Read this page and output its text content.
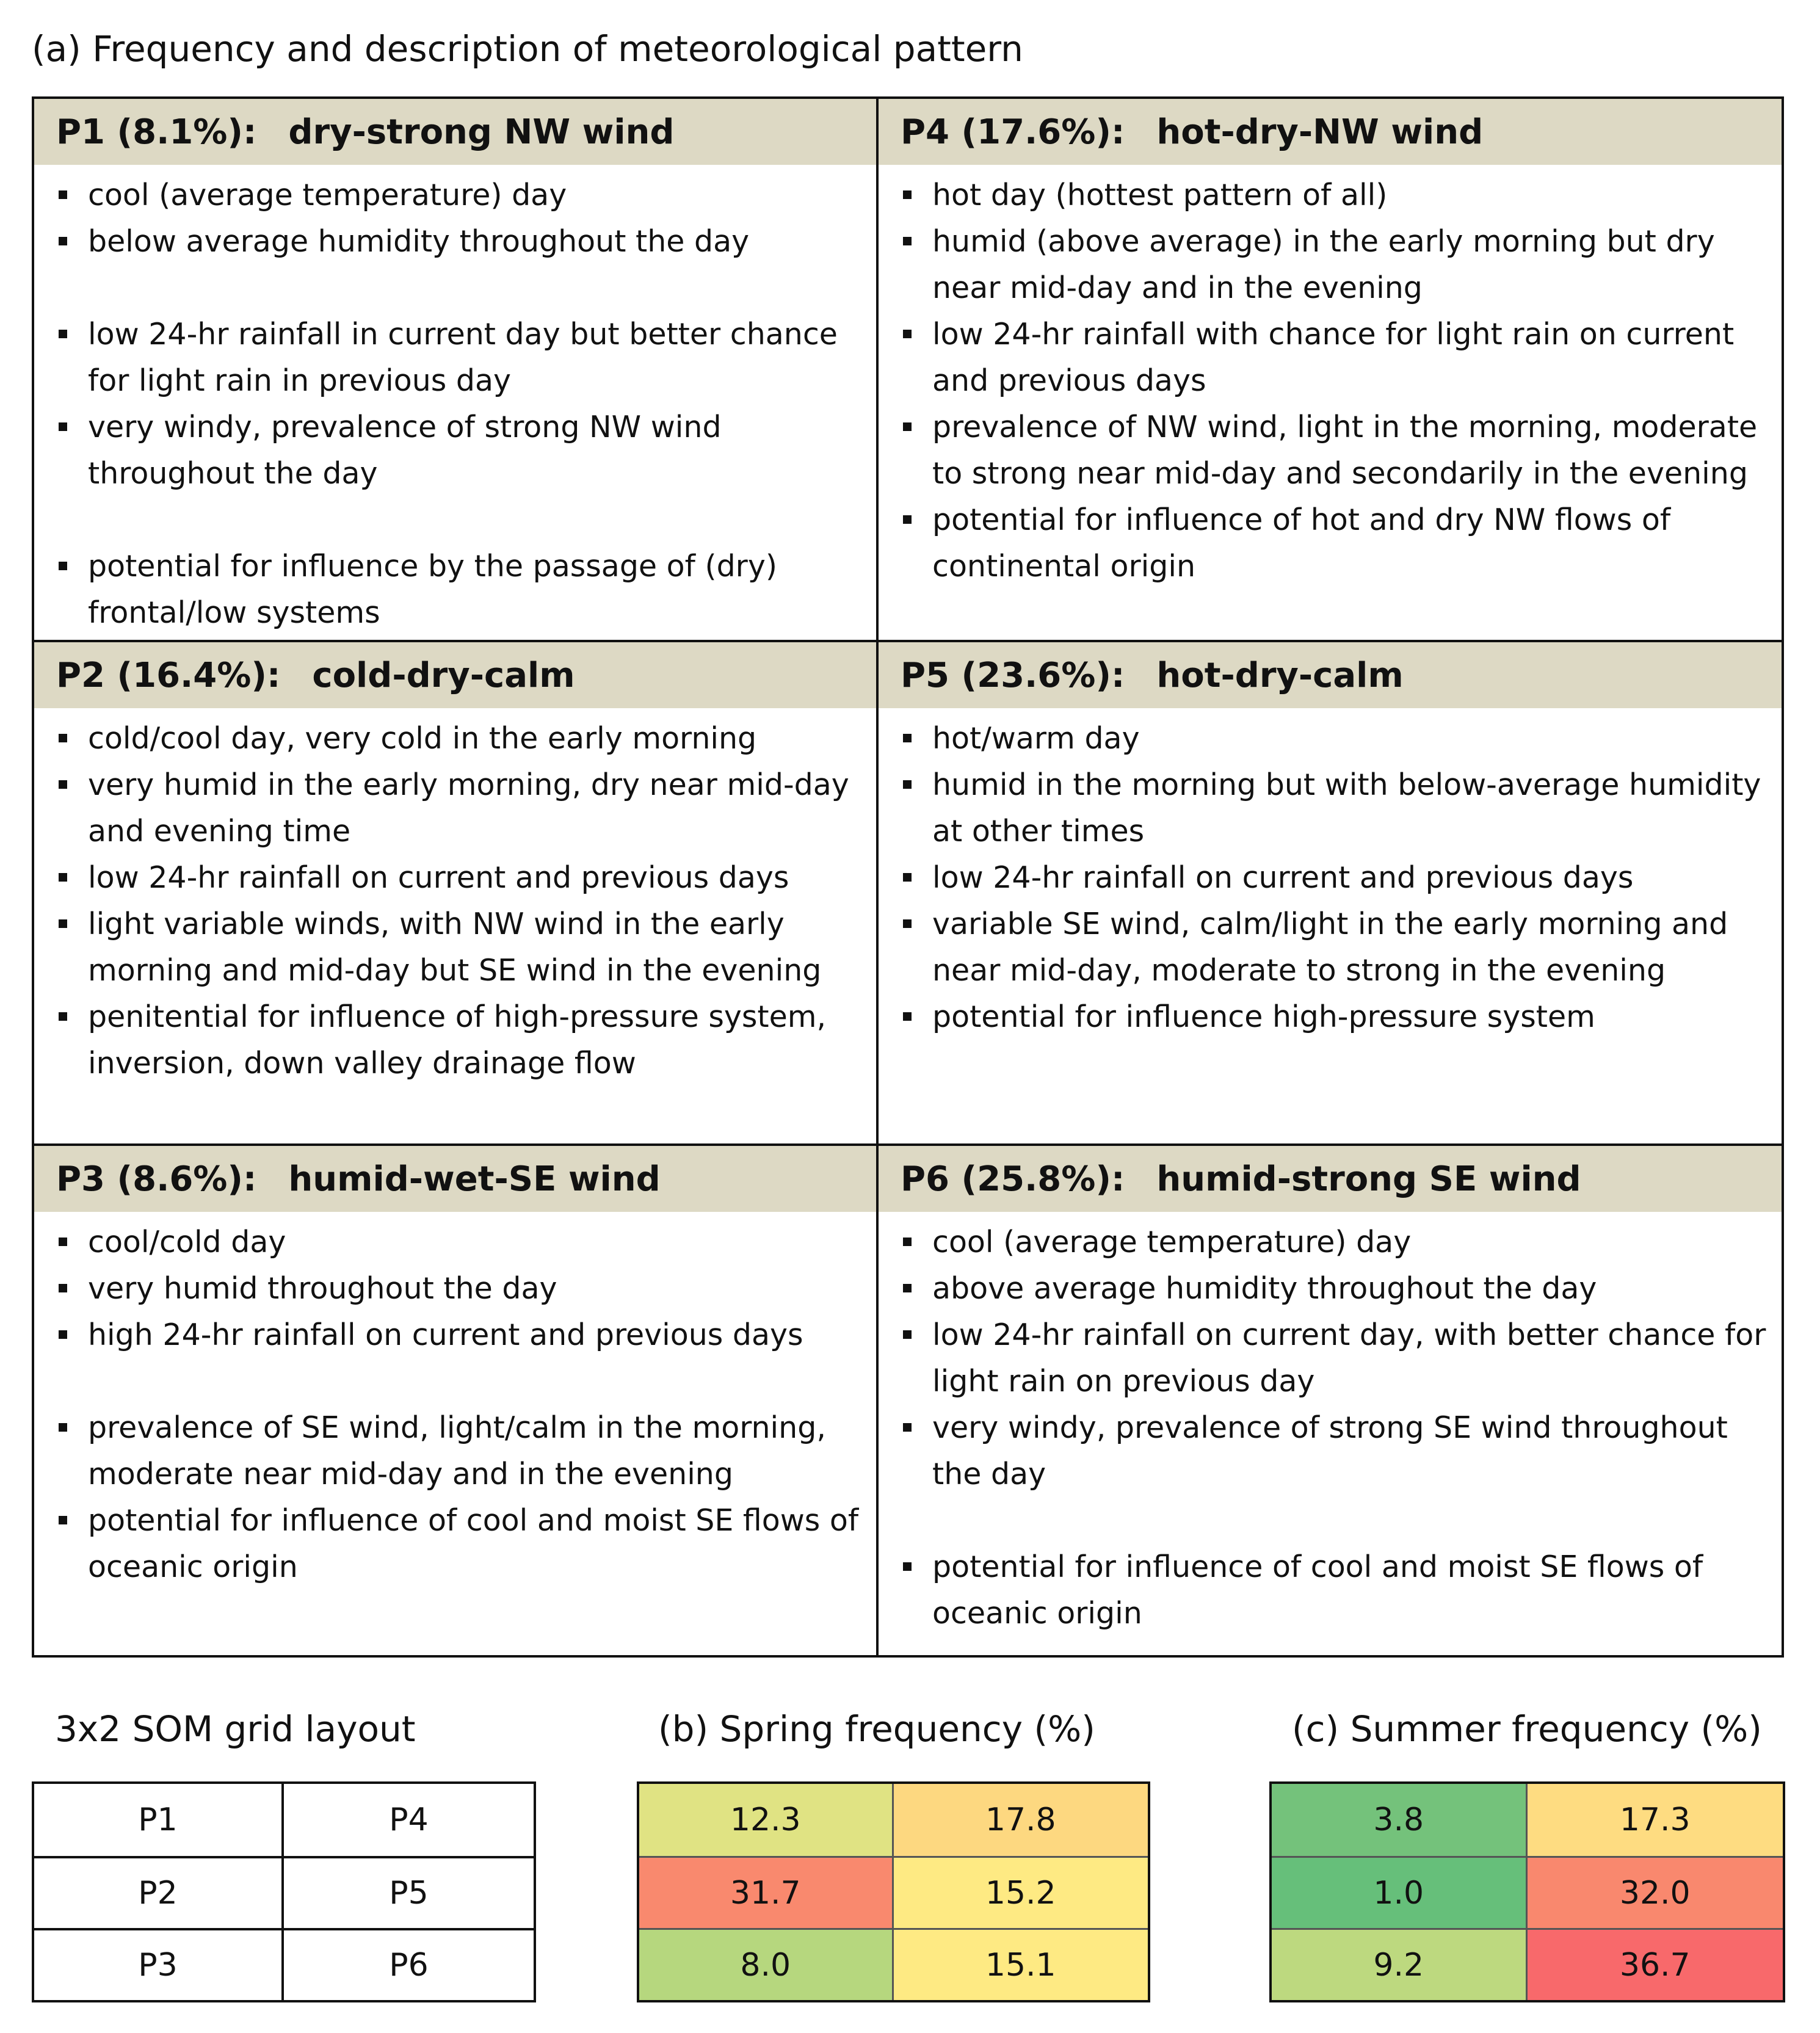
(a) Frequency and description of meteorological pattern
P1 (8.1%): dry-strong NW wind
cool (average temperature) day
below average humidity throughout the day
low 24-hr rainfall in current day but better chance for light rain in previous day
very windy, prevalence of strong NW wind throughout the day
potential for influence by the passage of (dry) frontal/low systems
P4 (17.6%): hot-dry-NW wind
hot day (hottest pattern of all)
humid (above average) in the early morning but dry near mid-day and in the evening
low 24-hr rainfall with chance for light rain on current and previous days
prevalence of NW wind, light in the morning, moderate to strong near mid-day and secondarily in the evening
potential for influence of hot and dry NW flows of continental origin
P2 (16.4%): cold-dry-calm
cold/cool day, very cold in the early morning
very humid in the early morning, dry near mid-day and evening time
low 24-hr rainfall on current and previous days
light variable winds, with NW wind in the early morning and mid-day but SE wind in the evening
penitential for influence of high-pressure system, inversion, down valley drainage flow
P5 (23.6%): hot-dry-calm
hot/warm day
humid in the morning but with below-average humidity at other times
low 24-hr rainfall on current and previous days
variable SE wind, calm/light in the early morning and near mid-day, moderate to strong in the evening
potential for influence high-pressure system
P3 (8.6%): humid-wet-SE wind
cool/cold day
very humid throughout the day
high 24-hr rainfall on current and previous days
prevalence of SE wind, light/calm in the morning, moderate near mid-day and in the evening
potential for influence of cool and moist SE flows of oceanic origin
P6 (25.8%): humid-strong SE wind
cool (average temperature) day
above average humidity throughout the day
low 24-hr rainfall on current day, with better chance for light rain on previous day
very windy, prevalence of strong SE wind throughout the day
potential for influence of cool and moist SE flows of oceanic origin
3x2 SOM grid layout	(b) Spring frequency (%)	(c) Summer frequency (%)
P1	P4
P2	P5
P3	P6
12.3	17.8
31.7	15.2
8.0	15.1
3.8	17.3
1.0	32.0
9.2	36.7
